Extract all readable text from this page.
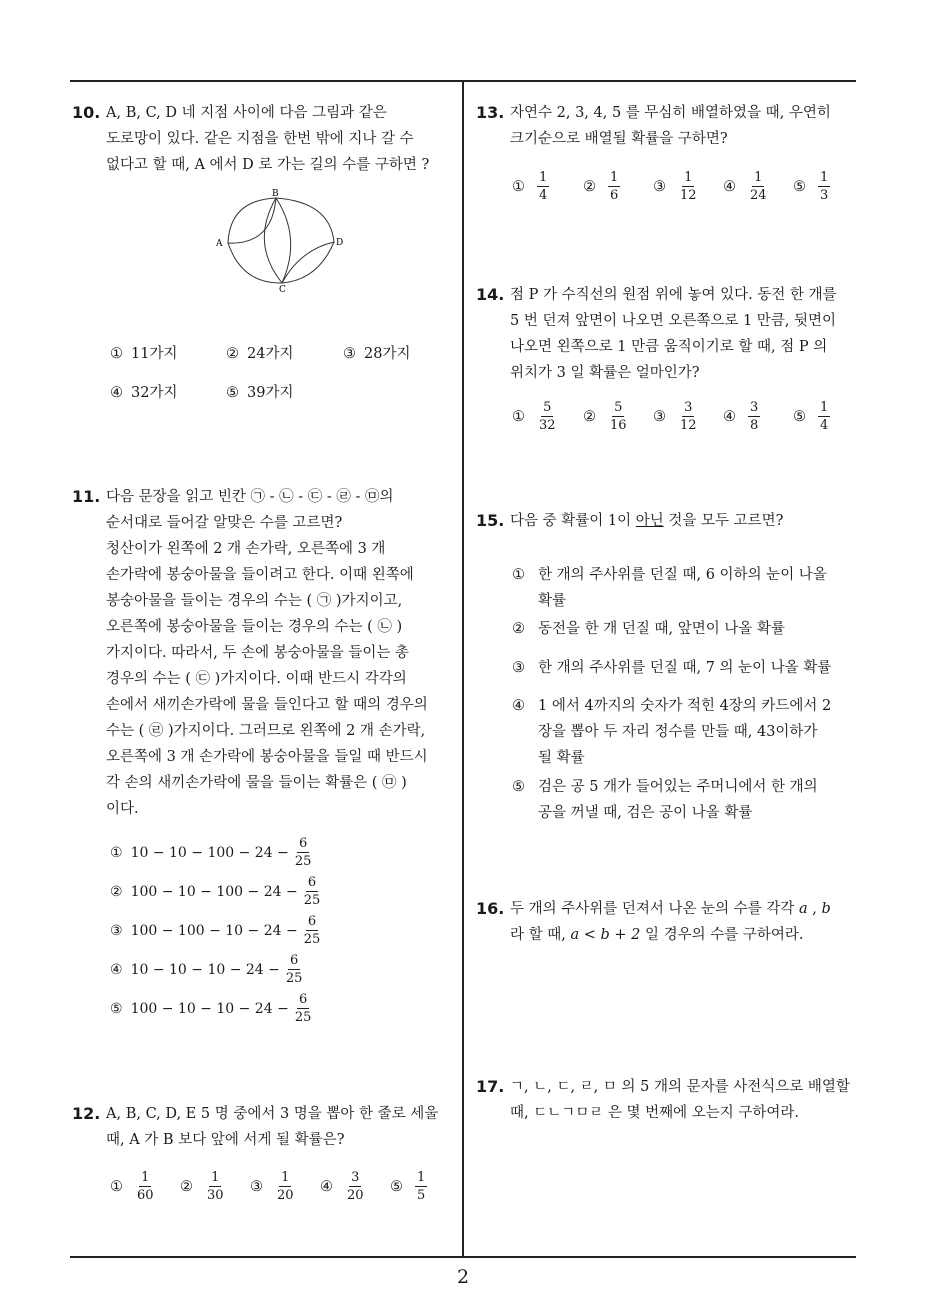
10. A, B, C, D 네 지점 사이에 다음 그림과 같은
도로망이 있다. 같은 지점을 한번 밖에 지나 갈 수
없다고 할 때, A 에서 D 로 가는 길의 수를 구하면 ?
A
B
C
D
① 11가지	② 24가지	③ 28가지
④ 32가지	⑤ 39가지
11. 다음 문장을 읽고 빈칸 ㉠ - ㉡ - ㉢ - ㉣ - ㉤의
순서대로 들어갈 알맞은 수를 고르면?
청산이가 왼쪽에 2 개 손가락, 오른쪽에 3 개
손가락에 봉숭아물을 들이려고 한다. 이때 왼쪽에
봉숭아물을 들이는 경우의 수는 ( ㉠ )가지이고,
오른쪽에 봉숭아물을 들이는 경우의 수는 ( ㉡ )
가지이다. 따라서, 두 손에 봉숭아물을 들이는 총
경우의 수는 ( ㉢ )가지이다. 이때 반드시 각각의
손에서 새끼손가락에 물을 들인다고 할 때의 경우의
수는 ( ㉣ )가지이다. 그러므로 왼쪽에 2 개 손가락,
오른쪽에 3 개 손가락에 봉숭아물을 들일 때 반드시
각 손의 새끼손가락에 물을 들이는 확률은 ( ㉤ )
이다.
① $10 - 10 - 100 - 24 - \frac{6}{25}$
② $100 - 10 - 100 - 24 - \frac{6}{25}$
③ $100 - 100 - 10 - 24 - \frac{6}{25}$
④ $10 - 10 - 10 - 24 - \frac{6}{25}$
⑤ $100 - 10 - 10 - 24 - \frac{6}{25}$
12. A, B, C, D, E 5 명 중에서 3 명을 뽑아 한 줄로 세울
때, A 가 B 보다 앞에 서게 될 확률은?
① $\frac{1}{60}$ ② $\frac{1}{30}$ ③ $\frac{1}{20}$ ④ $\frac{3}{20}$ ⑤ $\frac{1}{5}$
13. 자연수 2, 3, 4, 5 를 무심히 배열하였을 때, 우연히
크기순으로 배열될 확률을 구하면?
① $\frac{1}{4}$ ② $\frac{1}{6}$ ③ $\frac{1}{12}$ ④ $\frac{1}{24}$ ⑤ $\frac{1}{3}$
14. 점 P 가 수직선의 원점 위에 놓여 있다. 동전 한 개를
5 번 던져 앞면이 나오면 오른쪽으로 1 만큼, 뒷면이
나오면 왼쪽으로 1 만큼 움직이기로 할 때, 점 P 의
위치가 3 일 확률은 얼마인가?
① $\frac{5}{32}$ ② $\frac{5}{16}$ ③ $\frac{3}{12}$ ④ $\frac{3}{8}$ ⑤ $\frac{1}{4}$
15. 다음 중 확률이 1이 아닌 것을 모두 고르면?
① 한 개의 주사위를 던질 때, 6 이하의 눈이 나올
확률
② 동전을 한 개 던질 때, 앞면이 나올 확률
③ 한 개의 주사위를 던질 때, 7 의 눈이 나올 확률
④ 1 에서 4까지의 숫자가 적힌 4장의 카드에서 2
장을 뽑아 두 자리 정수를 만들 때, 43이하가
될 확률
⑤ 검은 공 5 개가 들어있는 주머니에서 한 개의
공을 꺼낼 때, 검은 공이 나올 확률
16. 두 개의 주사위를 던져서 나온 눈의 수를 각각 a , b
라 할 때, a < b + 2 일 경우의 수를 구하여라.
17. ㄱ, ㄴ, ㄷ, ㄹ, ㅁ 의 5 개의 문자를 사전식으로 배열할
때, ㄷㄴㄱㅁㄹ 은 몇 번째에 오는지 구하여라.
2
